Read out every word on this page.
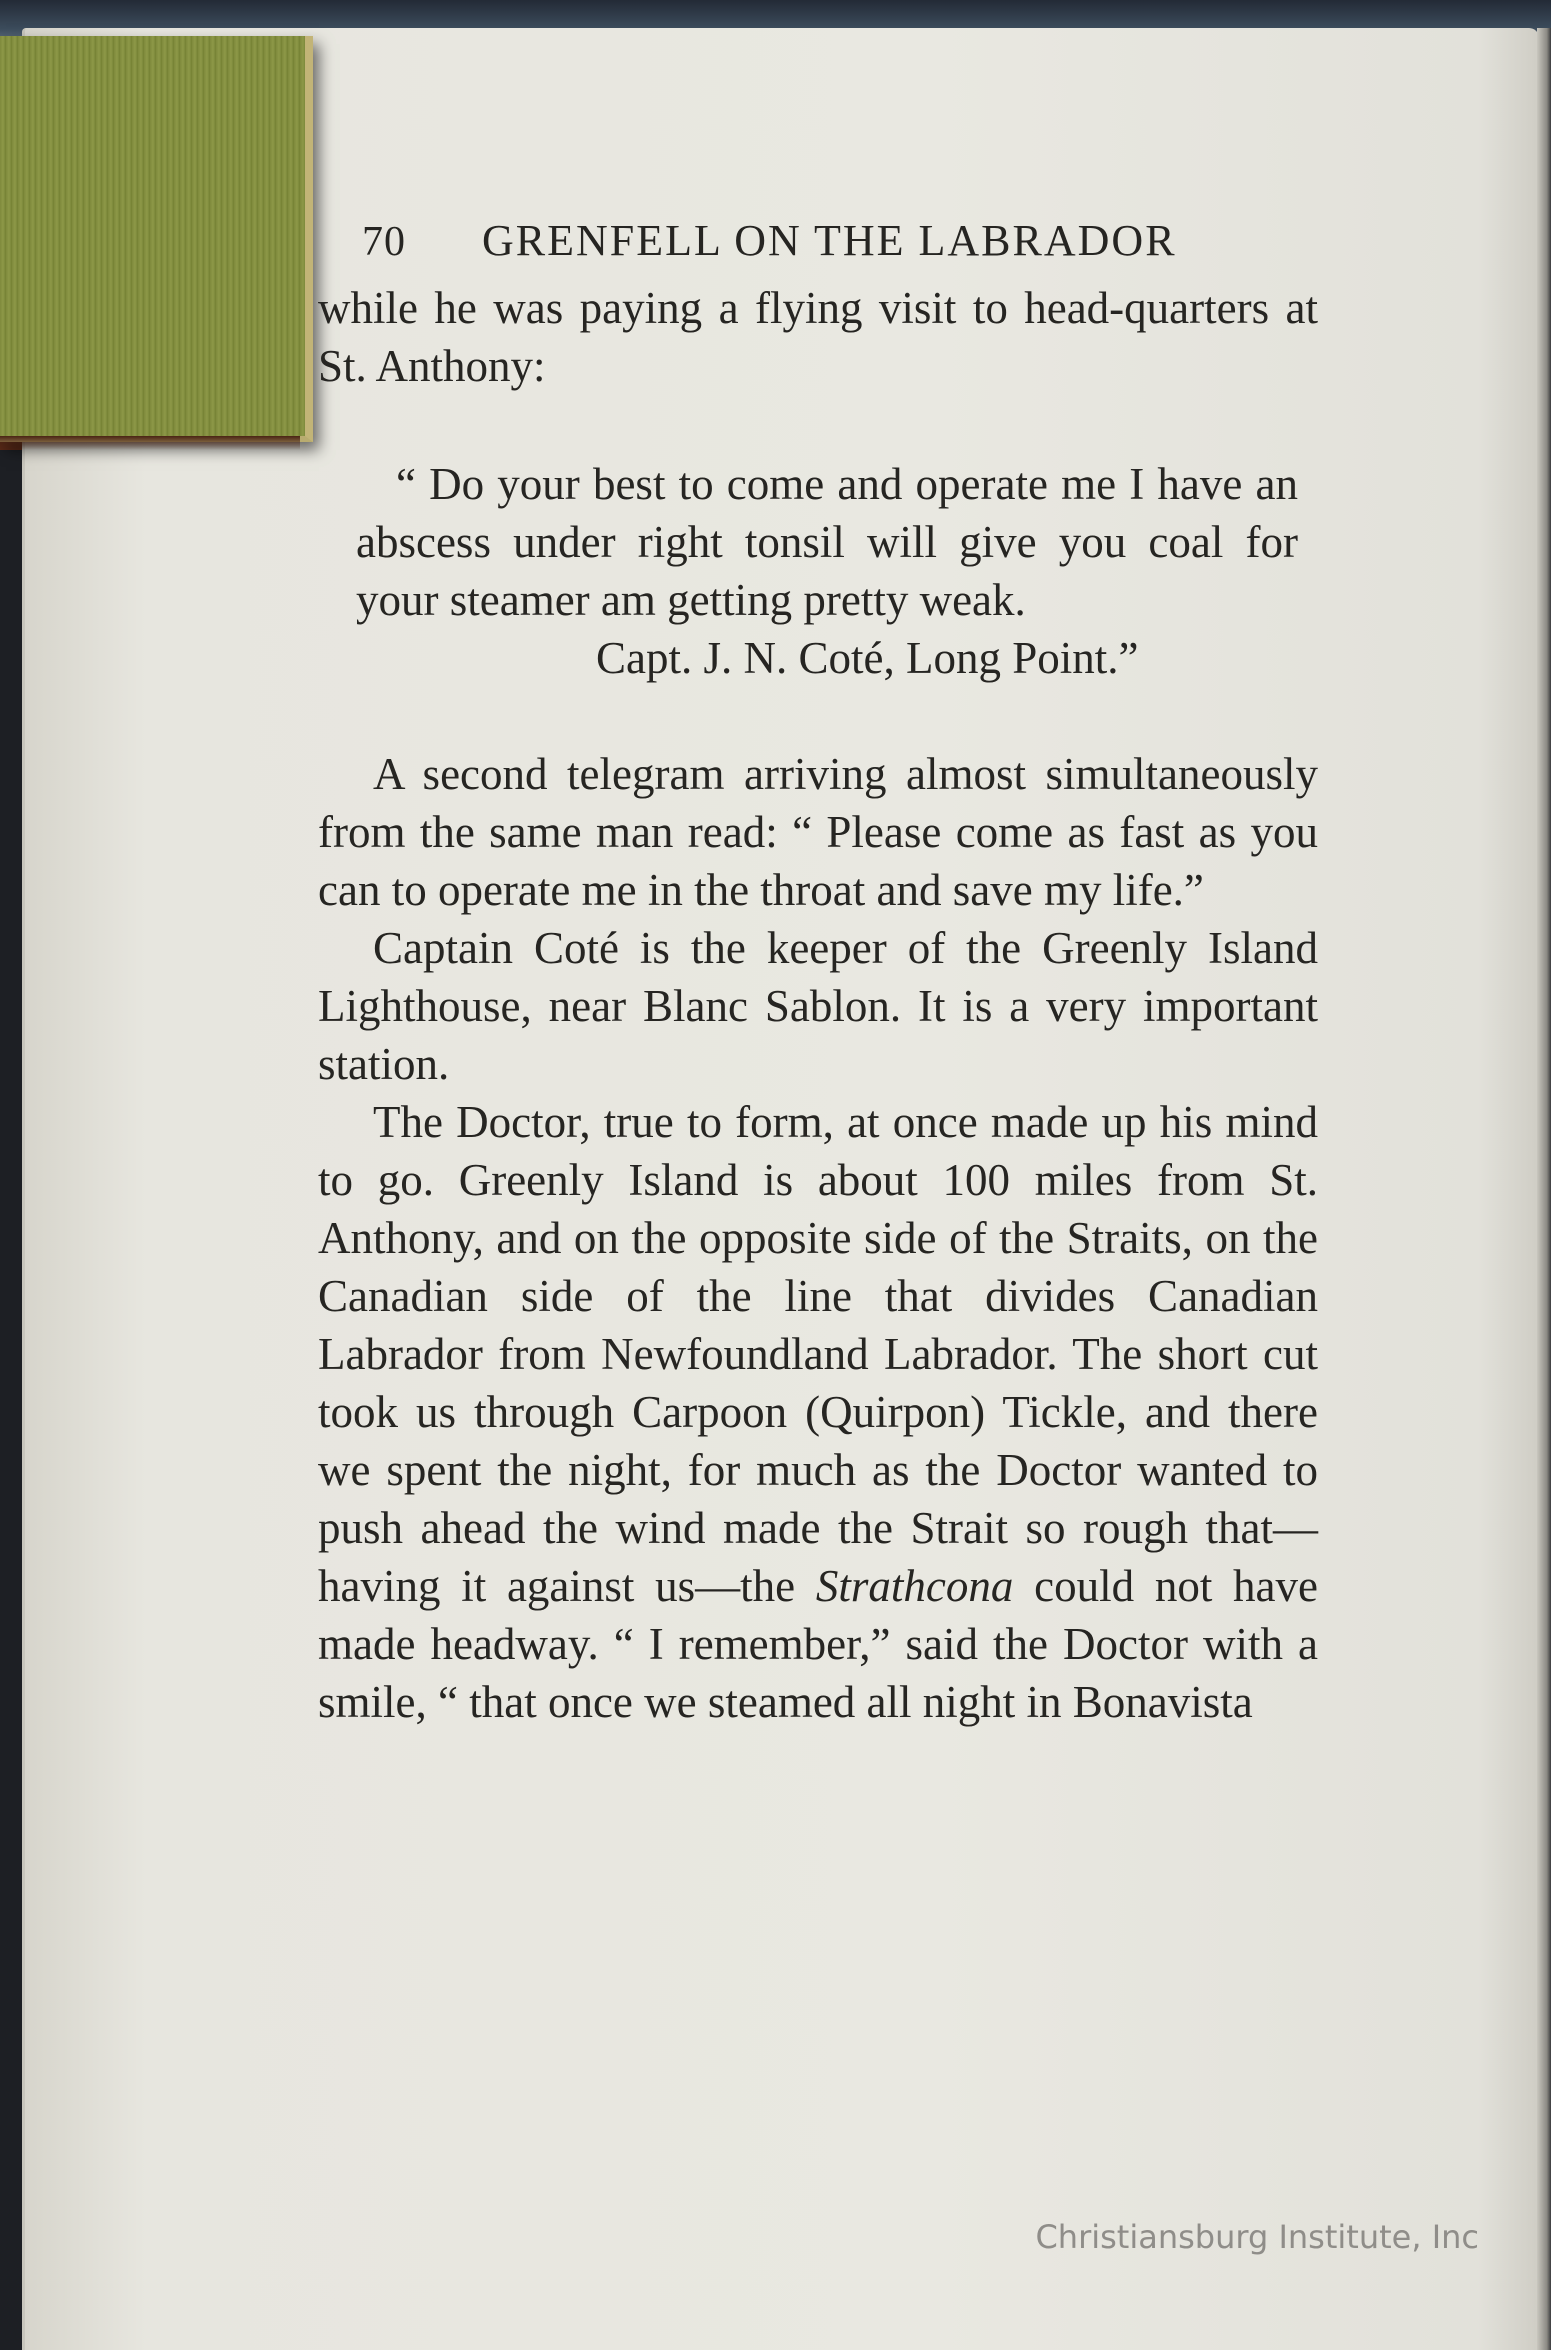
70	GRENFELL ON THE LABRADOR

while he was paying a flying visit to head-quarters at St. Anthony:

“ Do your best to come and operate me I have an abscess under right tonsil will give you coal for your steamer am getting pretty weak.

Capt. J. N. Coté, Long Point.”

A second telegram arriving almost simultaneously from the same man read: “ Please come as fast as you can to operate me in the throat and save my life.”

Captain Coté is the keeper of the Greenly Island Lighthouse, near Blanc Sablon. It is a very important station.

The Doctor, true to form, at once made up his mind to go. Greenly Island is about 100 miles from St. Anthony, and on the opposite side of the Straits, on the Canadian side of the line that divides Canadian Labrador from Newfoundland Labrador. The short cut took us through Carpoon (Quirpon) Tickle, and there we spent the night, for much as the Doctor wanted to push ahead the wind made the Strait so rough that—having it against us—the Strathcona could not have made headway. “ I remember,” said the Doctor with a smile, “ that once we steamed all night in Bonavista

Christiansburg Institute, Inc
